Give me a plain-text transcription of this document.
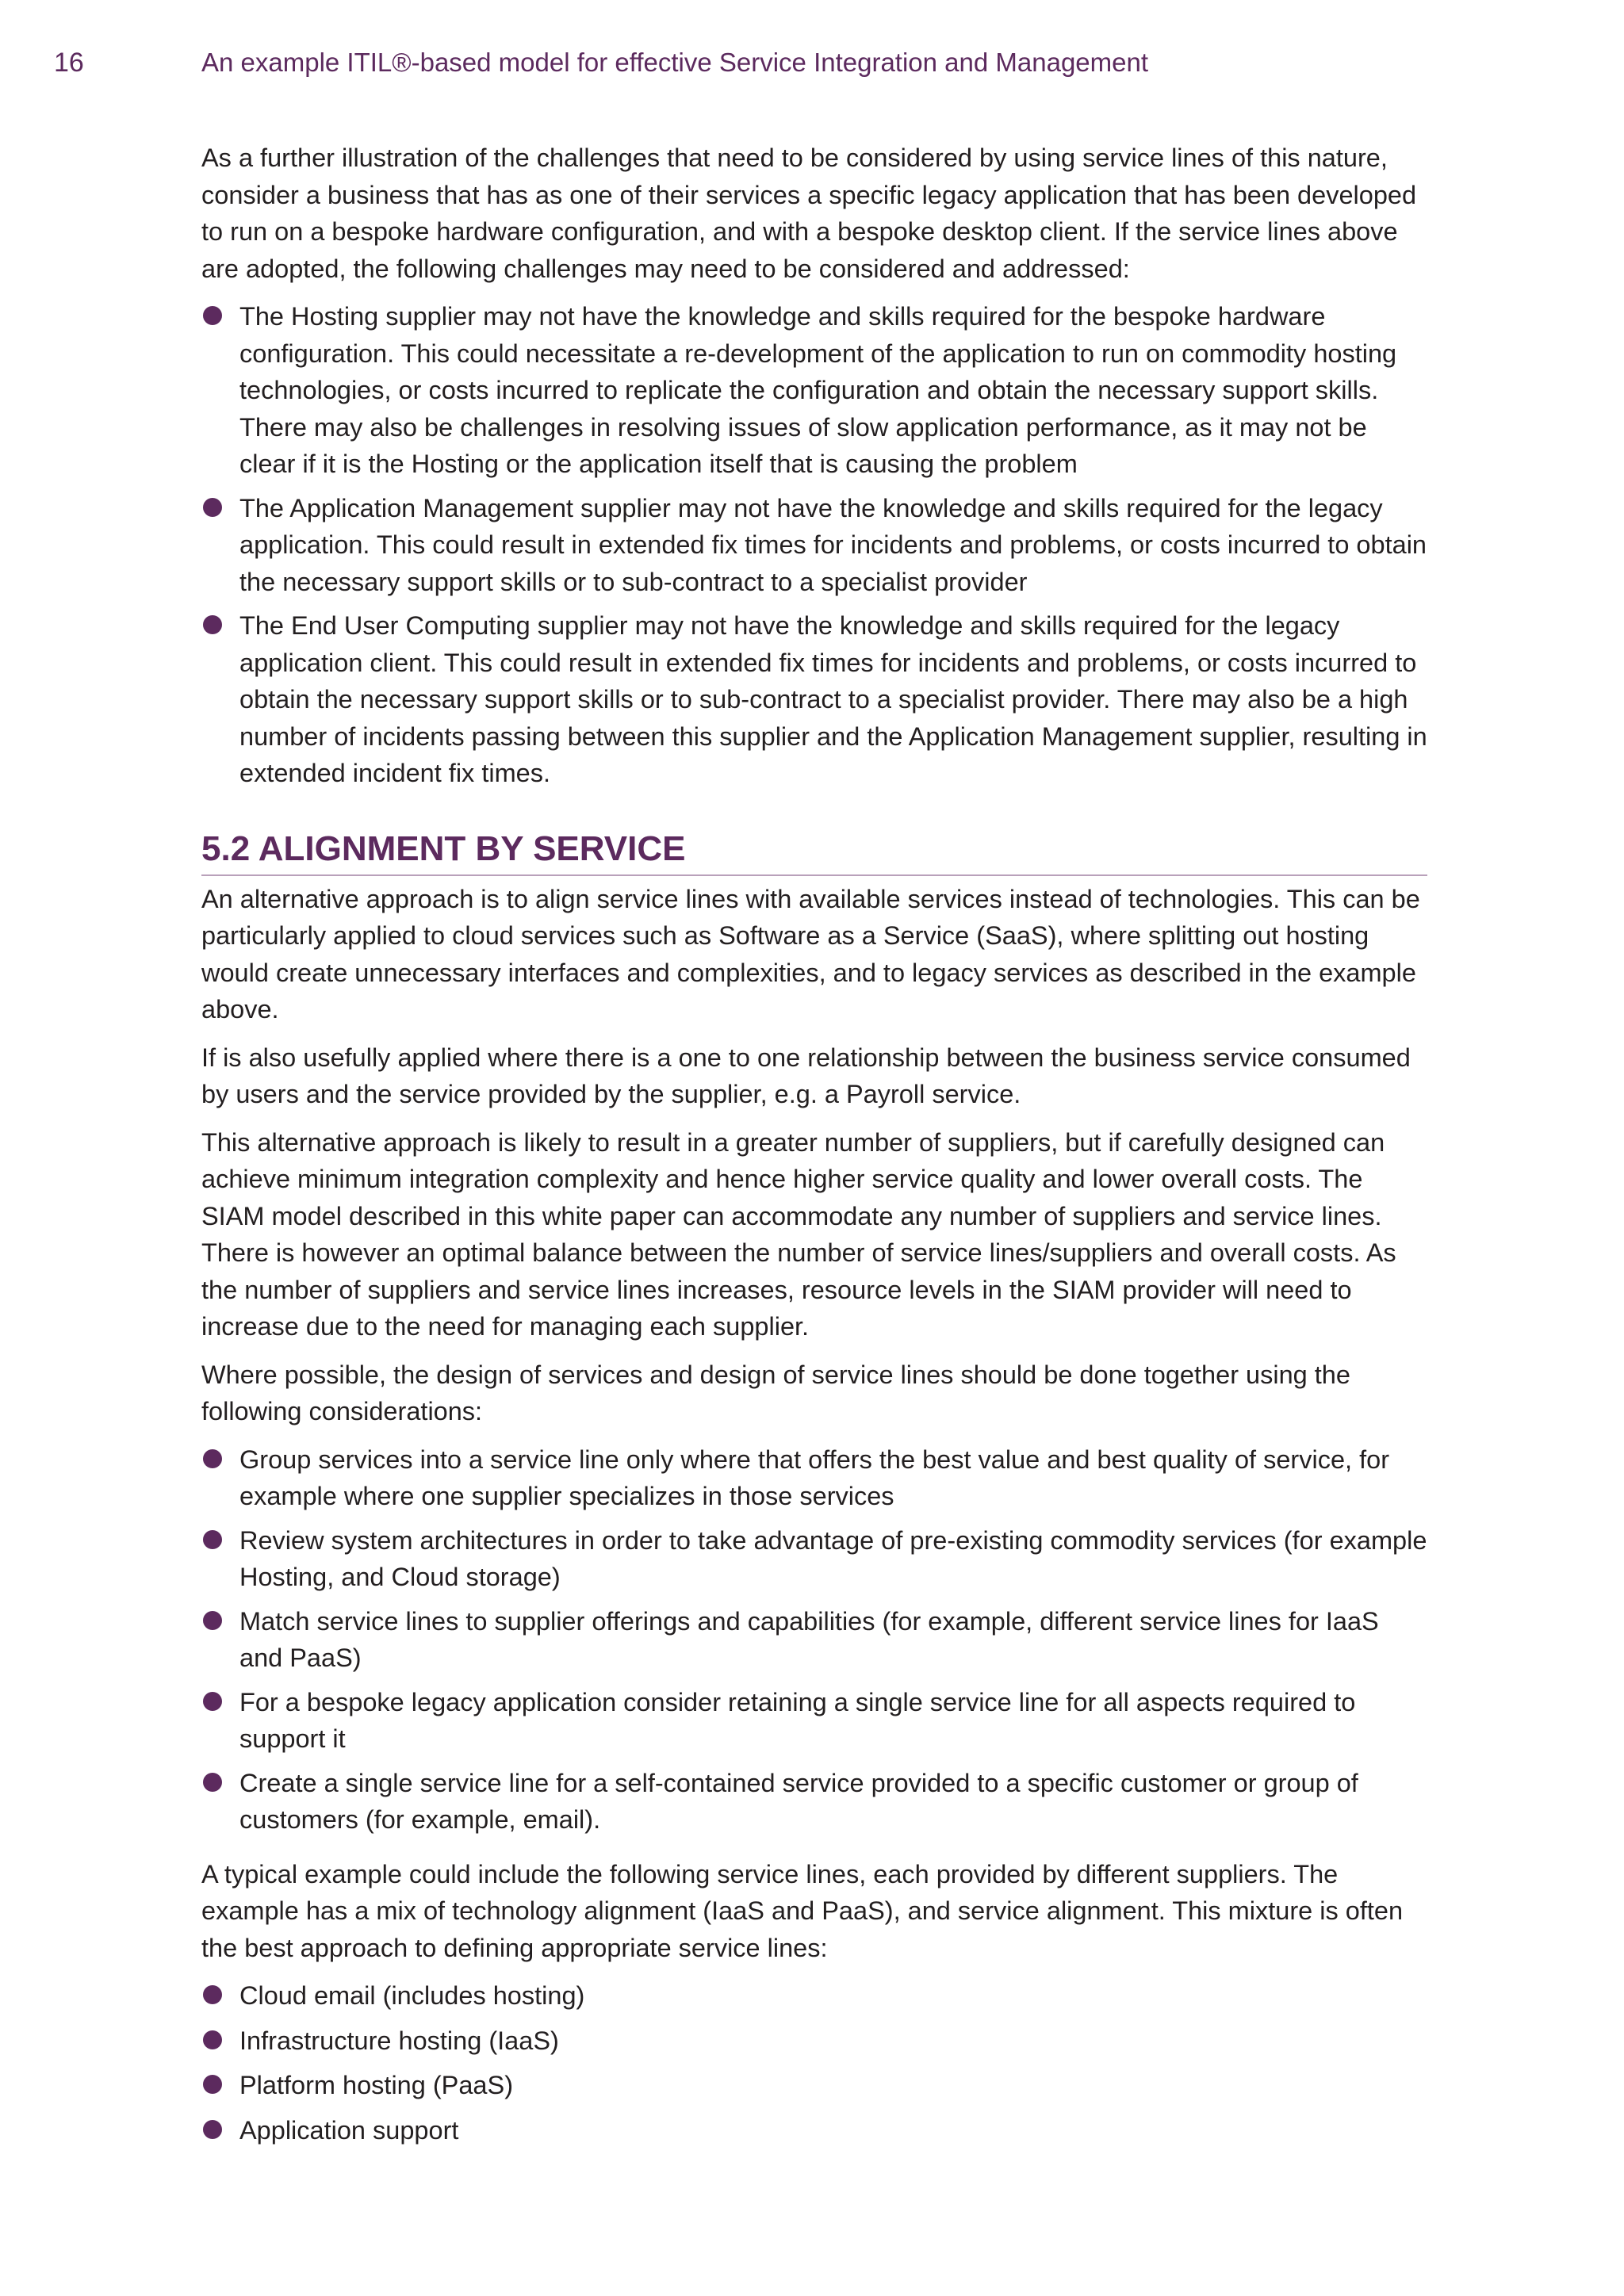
16	An example ITIL®-based model for effective Service Integration and Management

As a further illustration of the challenges that need to be considered by using service lines of this nature, consider a business that has as one of their services a specific legacy application that has been developed to run on a bespoke hardware configuration, and with a bespoke desktop client. If the service lines above are adopted, the following challenges may need to be considered and addressed:

The Hosting supplier may not have the knowledge and skills required for the bespoke hardware configuration. This could necessitate a re-development of the application to run on commodity hosting technologies, or costs incurred to replicate the configuration and obtain the necessary support skills. There may also be challenges in resolving issues of slow application performance, as it may not be clear if it is the Hosting or the application itself that is causing the problem
The Application Management supplier may not have the knowledge and skills required for the legacy application. This could result in extended fix times for incidents and problems, or costs incurred to obtain the necessary support skills or to sub-contract to a specialist provider
The End User Computing supplier may not have the knowledge and skills required for the legacy application client. This could result in extended fix times for incidents and problems, or costs incurred to obtain the necessary support skills or to sub-contract to a specialist provider. There may also be a high number of incidents passing between this supplier and the Application Management supplier, resulting in extended incident fix times.
5.2 ALIGNMENT BY SERVICE

An alternative approach is to align service lines with available services instead of technologies. This can be particularly applied to cloud services such as Software as a Service (SaaS), where splitting out hosting would create unnecessary interfaces and complexities, and to legacy services as described in the example above.

If is also usefully applied where there is a one to one relationship between the business service consumed by users and the service provided by the supplier, e.g. a Payroll service.

This alternative approach is likely to result in a greater number of suppliers, but if carefully designed can achieve minimum integration complexity and hence higher service quality and lower overall costs. The SIAM model described in this white paper can accommodate any number of suppliers and service lines. There is however an optimal balance between the number of service lines/suppliers and overall costs. As the number of suppliers and service lines increases, resource levels in the SIAM provider will need to increase due to the need for managing each supplier.

Where possible, the design of services and design of service lines should be done together using the following considerations:

Group services into a service line only where that offers the best value and best quality of service, for example where one supplier specializes in those services
Review system architectures in order to take advantage of pre-existing commodity services (for example Hosting, and Cloud storage)
Match service lines to supplier offerings and capabilities (for example, different service lines for IaaS and PaaS)
For a bespoke legacy application consider retaining a single service line for all aspects required to support it
Create a single service line for a self-contained service provided to a specific customer or group of customers (for example, email).

A typical example could include the following service lines, each provided by different suppliers. The example has a mix of technology alignment (IaaS and PaaS), and service alignment. This mixture is often the best approach to defining appropriate service lines:

Cloud email (includes hosting)
Infrastructure hosting (IaaS)
Platform hosting (PaaS)
Application support
